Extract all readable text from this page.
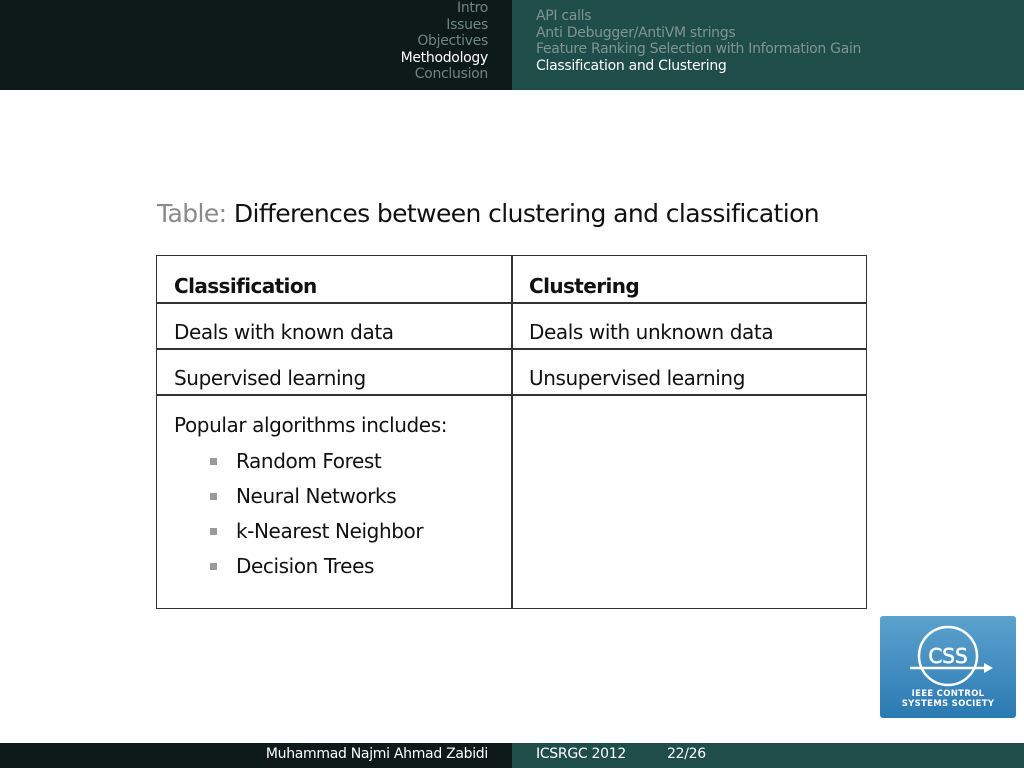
Intro
Issues
Objectives
Methodology
Conclusion
API calls
Anti Debugger/AntiVM strings
Feature Ranking Selection with Information Gain
Classification and Clustering
Table: Differences between clustering and classification
Classification	Clustering
Deals with known data	Deals with unknown data
Supervised learning	Unsupervised learning
Popular algorithms includes:
Random Forest
Neural Networks
k-Nearest Neighbor
Decision Trees
CSS
IEEE CONTROL
SYSTEMS SOCIETY
Muhammad Najmi Ahmad Zabidi	ICSRGC 2012	22/26
